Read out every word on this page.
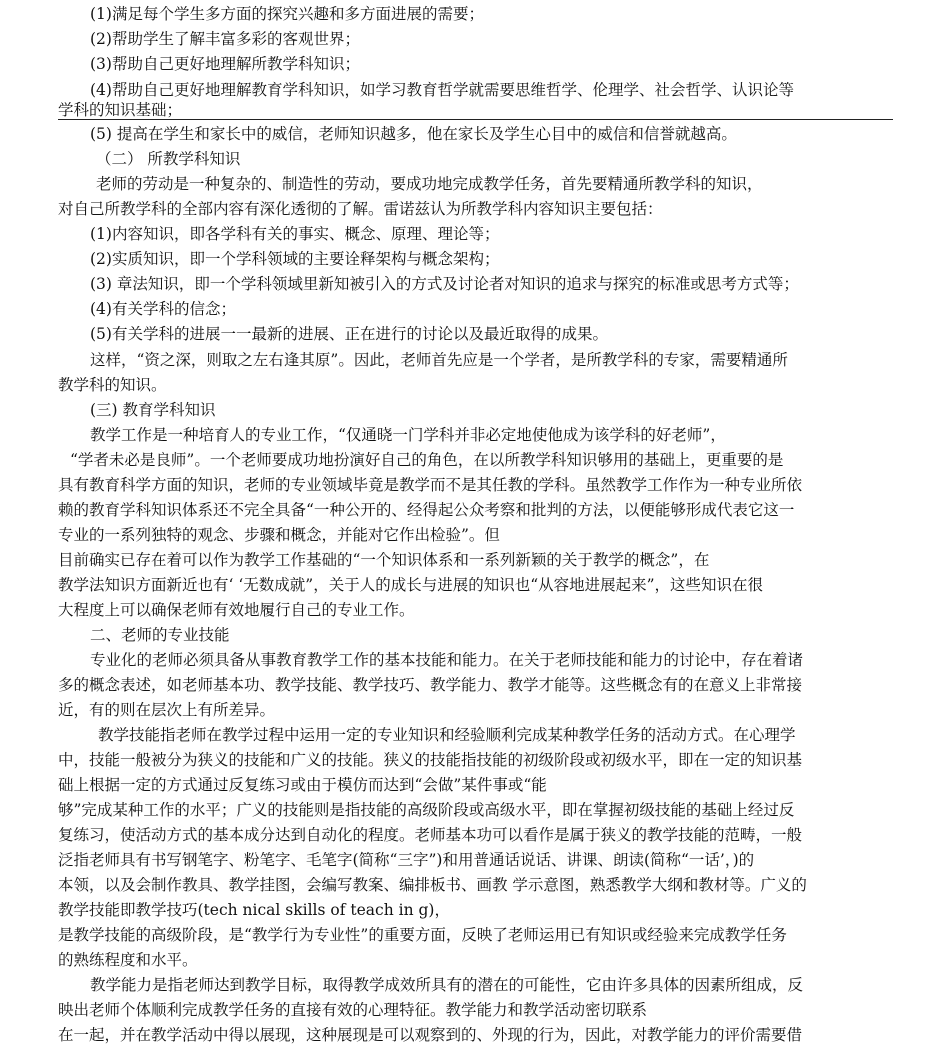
(1)满足每个学生多方面的探究兴趣和多方面进展的需要；
(2)帮助学生了解丰富多彩的客观世界；
(3)帮助自己更好地理解所教学科知识；
(4)帮助自己更好地理解教育学科知识，如学习教育哲学就需要思维哲学、伦理学、社会哲学、认识论等
学科的知识基础；
(5) 提高在学生和家长中的威信，老师知识越多，他在家长及学生心目中的威信和信誉就越高。
（二） 所教学科知识
老师的劳动是一种复杂的、制造性的劳动，要成功地完成教学任务，首先要精通所教学科的知识，
对自己所教学科的全部内容有深化透彻的了解。雷诺兹认为所教学科内容知识主要包括：
(1)内容知识，即各学科有关的事实、概念、原理、理论等；
(2)实质知识，即一个学科领域的主要诠释架构与概念架构；
(3) 章法知识，即一个学科领域里新知被引入的方式及讨论者对知识的追求与探究的标准或思考方式等；
(4)有关学科的信念；
(5)有关学科的进展一一最新的进展、正在进行的讨论以及最近取得的成果。
这样，“资之深，则取之左右逢其原”。因此，老师首先应是一个学者，是所教学科的专家，需要精通所
教学科的知识。
(三) 教育学科知识
教学工作是一种培育人的专业工作，“仅通晓一门学科并非必定地使他成为该学科的好老师”，
“学者未必是良师”。一个老师要成功地扮演好自己的角色，在以所教学科知识够用的基础上，更重要的是
具有教育科学方面的知识，老师的专业领域毕竟是教学而不是其任教的学科。虽然教学工作作为一种专业所依
赖的教育学科知识体系还不完全具备“一种公开的、经得起公众考察和批判的方法，以便能够形成代表它这一
专业的一系列独特的观念、步骤和概念，并能对它作出检验”。但
目前确实已存在着可以作为教学工作基础的“一个知识体系和一系列新颖的关于教学的概念”，在
教学法知识方面新近也有‘ ‘无数成就”，关于人的成长与进展的知识也“从容地进展起来”，这些知识在很
大程度上可以确保老师有效地履行自己的专业工作。
二、老师的专业技能
专业化的老师必须具备从事教育教学工作的基本技能和能力。在关于老师技能和能力的讨论中，存在着诸
多的概念表述，如老师基本功、教学技能、教学技巧、教学能力、教学才能等。这些概念有的在意义上非常接
近，有的则在层次上有所差异。
教学技能指老师在教学过程中运用一定的专业知识和经验顺利完成某种教学任务的活动方式。在心理学
中，技能一般被分为狭义的技能和广义的技能。狭义的技能指技能的初级阶段或初级水平，即在一定的知识基
础上根据一定的方式通过反复练习或由于模仿而达到“会做”某件事或“能
够”完成某种工作的水平；广义的技能则是指技能的高级阶段或高级水平，即在掌握初级技能的基础上经过反
复练习，使活动方式的基本成分达到自动化的程度。老师基本功可以看作是属于狭义的教学技能的范畴，一般
泛指老师具有书写钢笔字、粉笔字、毛笔字(简称“三字”)和用普通话说话、讲课、朗读(简称“一话’，)的
本领，以及会制作教具、教学挂图，会编写教案、编排板书、画教 学示意图，熟悉教学大纲和教材等。广义的
教学技能即教学技巧(tech nical skills of teach in g)，
是教学技能的高级阶段，是“教学行为专业性”的重要方面，反映了老师运用已有知识或经验来完成教学任务
的熟练程度和水平。
教学能力是指老师达到教学目标，取得教学成效所具有的潜在的可能性，它由许多具体的因素所组成，反
映出老师个体顺利完成教学任务的直接有效的心理特征。教学能力和教学活动密切联系
在一起，并在教学活动中得以展现，这种展现是可以观察到的、外现的行为，因此，对教学能力的评价需要借
